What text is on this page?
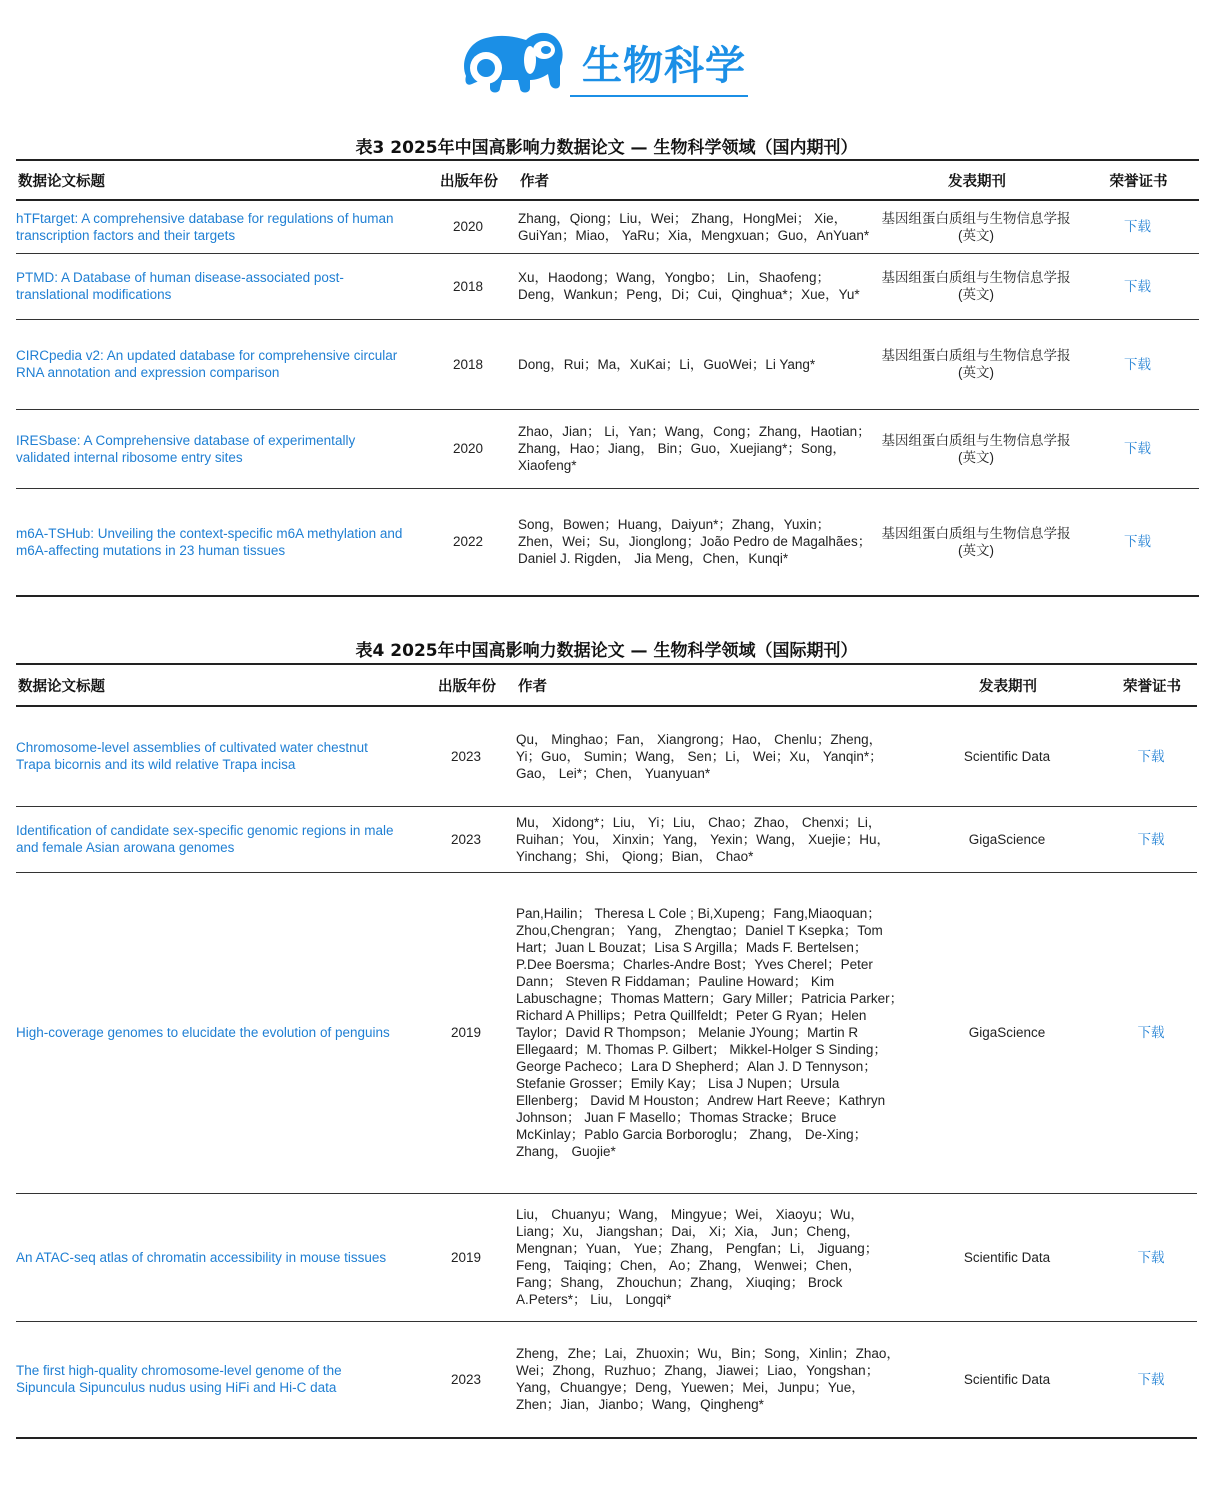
生物科学
表3 2025年中国高影响力数据论文 — 生物科学领域（国内期刊）
数据论文标题	出版年份	作者	发表期刊	荣誉证书
hTFtarget: A comprehensive database for regulations of human transcription factors and their targets	2020	Zhang，Qiong；Liu，Wei； Zhang，HongMei； Xie，GuiYan；Miao， YaRu；Xia，Mengxuan；Guo，AnYuan*	基因组蛋白质组与生物信息学报(英文)	下载
PTMD: A Database of human disease-associated post-translational modifications	2018	Xu，Haodong；Wang，Yongbo； Lin，Shaofeng；Deng，Wankun；Peng，Di；Cui，Qinghua*；Xue，Yu*	基因组蛋白质组与生物信息学报(英文)	下载
CIRCpedia v2: An updated database for comprehensive circular RNA annotation and expression comparison	2018	Dong，Rui；Ma，XuKai；Li，GuoWei；Li Yang*	基因组蛋白质组与生物信息学报(英文)	下载
IRESbase: A Comprehensive database of experimentally validated internal ribosome entry sites	2020	Zhao，Jian； Li，Yan；Wang，Cong；Zhang，Haotian；Zhang，Hao；Jiang， Bin；Guo，Xuejiang*；Song，Xiaofeng*	基因组蛋白质组与生物信息学报(英文)	下载
m6A-TSHub: Unveiling the context-specific m6A methylation and m6A-affecting mutations in 23 human tissues	2022	Song，Bowen；Huang，Daiyun*；Zhang，Yuxin；Zhen，Wei；Su，Jionglong；João Pedro de Magalhães； Daniel J. Rigden， Jia Meng，Chen，Kunqi*	基因组蛋白质组与生物信息学报(英文)	下载
表4 2025年中国高影响力数据论文 — 生物科学领域（国际期刊）
数据论文标题	出版年份	作者	发表期刊	荣誉证书
Chromosome-level assemblies of cultivated water chestnut Trapa bicornis and its wild relative Trapa incisa	2023	Qu， Minghao；Fan， Xiangrong；Hao， Chenlu；Zheng， Yi；Guo， Sumin；Wang， Sen；Li， Wei；Xu， Yanqin*；Gao， Lei*；Chen， Yuanyuan*	Scientific Data	下载
Identification of candidate sex-specific genomic regions in male and female Asian arowana genomes	2023	Mu， Xidong*；Liu， Yi；Liu， Chao；Zhao， Chenxi；Li， Ruihan；You， Xinxin；Yang， Yexin；Wang， Xuejie；Hu， Yinchang；Shi， Qiong；Bian， Chao*	GigaScience	下载
High-coverage genomes to elucidate the evolution of penguins	2019	Pan,Hailin； Theresa L Cole ; Bi,Xupeng；Fang,Miaoquan；Zhou,Chengran； Yang， Zhengtao；Daniel T Ksepka；Tom Hart；Juan L Bouzat；Lisa S Argilla；Mads F. Bertelsen； P.Dee Boersma；Charles-Andre Bost；Yves Cherel；Peter Dann； Steven R Fiddaman；Pauline Howard； Kim Labuschagne；Thomas Mattern；Gary Miller；Patricia Parker；Richard A Phillips；Petra Quillfeldt；Peter G Ryan；Helen Taylor；David R Thompson； Melanie JYoung；Martin R Ellegaard；M. Thomas P. Gilbert； Mikkel-Holger S Sinding；George Pacheco；Lara D Shepherd；Alan J. D Tennyson；Stefanie Grosser；Emily Kay； Lisa J Nupen；Ursula Ellenberg； David M Houston；Andrew Hart Reeve；Kathryn Johnson； Juan F Masello；Thomas Stracke；Bruce McKinlay；Pablo Garcia Borboroglu； Zhang， De-Xing； Zhang， Guojie*	GigaScience	下载
An ATAC-seq atlas of chromatin accessibility in mouse tissues	2019	Liu， Chuanyu；Wang， Mingyue；Wei， Xiaoyu；Wu， Liang；Xu， Jiangshan；Dai， Xi；Xia， Jun；Cheng， Mengnan；Yuan， Yue；Zhang， Pengfan；Li， Jiguang；Feng， Taiqing；Chen， Ao；Zhang， Wenwei；Chen， Fang；Shang， Zhouchun；Zhang， Xiuqing； Brock A.Peters*； Liu， Longqi*	Scientific Data	下载
The first high-quality chromosome-level genome of the Sipuncula Sipunculus nudus using HiFi and Hi-C data	2023	Zheng，Zhe；Lai，Zhuoxin；Wu，Bin；Song，Xinlin；Zhao，Wei；Zhong，Ruzhuo；Zhang，Jiawei；Liao，Yongshan；Yang，Chuangye；Deng，Yuewen；Mei，Junpu；Yue，Zhen；Jian，Jianbo；Wang，Qingheng*	Scientific Data	下载
